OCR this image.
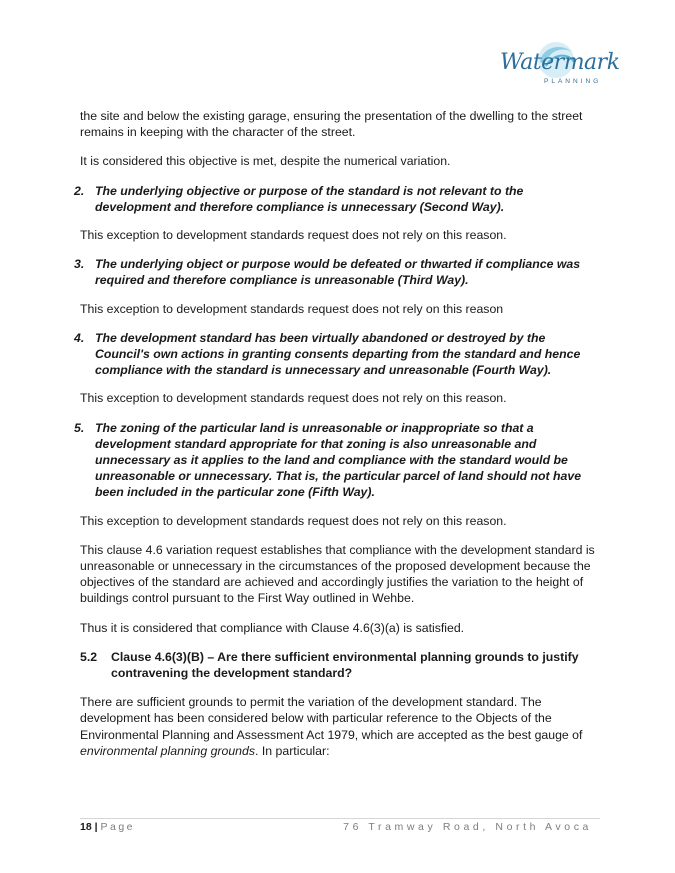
Watermark
PLANNING

the site and below the existing garage, ensuring the presentation of the dwelling to the street remains in keeping with the character of the street.

It is considered this objective is met, despite the numerical variation.

2. The underlying objective or purpose of the standard is not relevant to the development and therefore compliance is unnecessary (Second Way).

This exception to development standards request does not rely on this reason.

3. The underlying object or purpose would be defeated or thwarted if compliance was required and therefore compliance is unreasonable (Third Way).

This exception to development standards request does not rely on this reason

4. The development standard has been virtually abandoned or destroyed by the Council's own actions in granting consents departing from the standard and hence compliance with the standard is unnecessary and unreasonable (Fourth Way).

This exception to development standards request does not rely on this reason.

5. The zoning of the particular land is unreasonable or inappropriate so that a development standard appropriate for that zoning is also unreasonable and unnecessary as it applies to the land and compliance with the standard would be unreasonable or unnecessary. That is, the particular parcel of land should not have been included in the particular zone (Fifth Way).

This exception to development standards request does not rely on this reason.

This clause 4.6 variation request establishes that compliance with the development standard is unreasonable or unnecessary in the circumstances of the proposed development because the objectives of the standard are achieved and accordingly justifies the variation to the height of buildings control pursuant to the First Way outlined in Wehbe.

Thus it is considered that compliance with Clause 4.6(3)(a) is satisfied.

5.2	Clause 4.6(3)(B) – Are there sufficient environmental planning grounds to justify contravening the development standard?

There are sufficient grounds to permit the variation of the development standard. The development has been considered below with particular reference to the Objects of the Environmental Planning and Assessment Act 1979, which are accepted as the best gauge of environmental planning grounds. In particular:

18 | Page	76 Tramway Road, North Avoca
